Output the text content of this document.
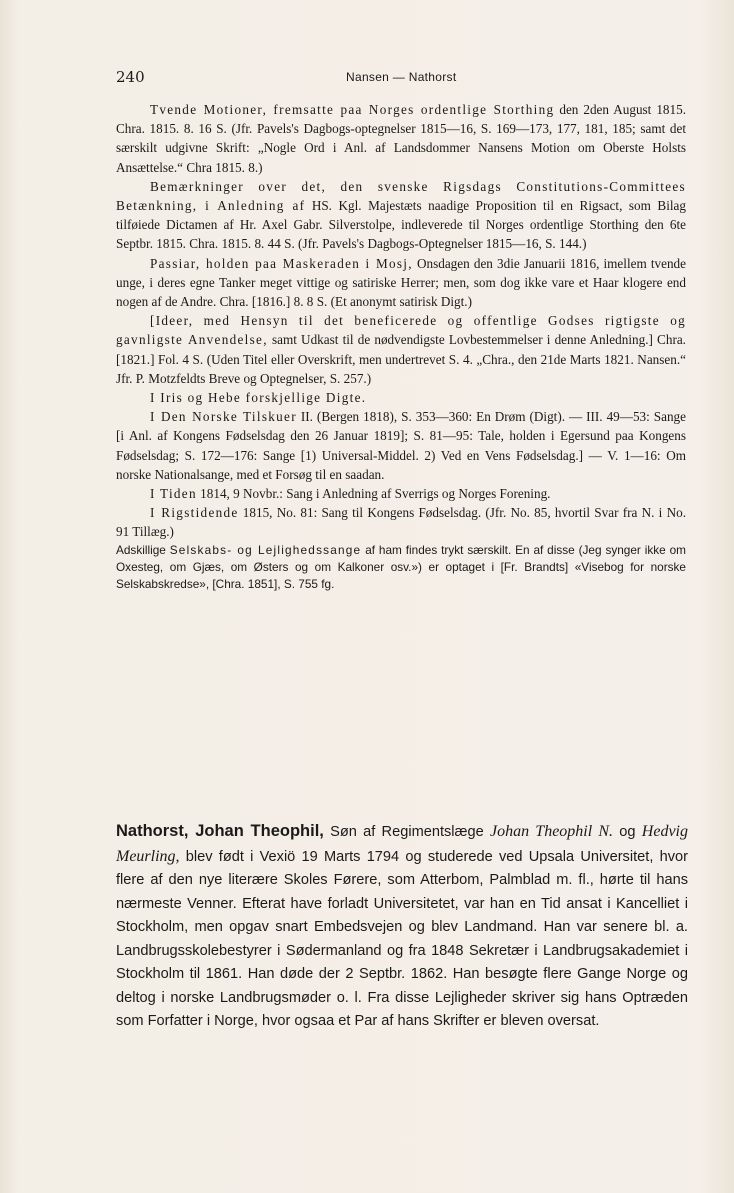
240	Nansen — Nathorst

Tvende Motioner, fremsatte paa Norges ordentlige Storthing den 2den August 1815. Chra. 1815. 8. 16 S. (Jfr. Pavels's Dagbogs-optegnelser 1815—16, S. 169—173, 177, 181, 185; samt det særskilt udgivne Skrift: „Nogle Ord i Anl. af Landsdommer Nansens Motion om Oberste Holsts Ansættelse.“ Chra 1815. 8.)

Bemærkninger over det, den svenske Rigsdags Constitutions-Committees Betænkning, i Anledning af HS. Kgl. Majestæts naadige Proposition til en Rigsact, som Bilag tilføiede Dictamen af Hr. Axel Gabr. Silverstolpe, indleverede til Norges ordentlige Storthing den 6te Septbr. 1815. Chra. 1815. 8. 44 S. (Jfr. Pavels's Dagbogs-Optegnelser 1815—16, S. 144.)

Passiar, holden paa Maskeraden i Mosj, Onsdagen den 3die Januarii 1816, imellem tvende unge, i deres egne Tanker meget vittige og satiriske Herrer; men, som dog ikke vare et Haar klogere end nogen af de Andre. Chra. [1816.] 8. 8 S. (Et anonymt satirisk Digt.)

[Ideer, med Hensyn til det beneficerede og offentlige Godses rigtigste og gavnligste Anvendelse, samt Udkast til de nødvendigste Lovbestemmelser i denne Anledning.] Chra. [1821.] Fol. 4 S. (Uden Titel eller Overskrift, men undertrevet S. 4. „Chra., den 21de Marts 1821. Nansen.“ Jfr. P. Motzfeldts Breve og Optegnelser, S. 257.)

I Iris og Hebe forskjellige Digte.

I Den Norske Tilskuer II. (Bergen 1818), S. 353—360: En Drøm (Digt). — III. 49—53: Sange [i Anl. af Kongens Fødselsdag den 26 Januar 1819]; S. 81—95: Tale, holden i Egersund paa Kongens Fødselsdag; S. 172—176: Sange [1) Universal-Middel. 2) Ved en Vens Fødselsdag.] — V. 1—16: Om norske Nationalsange, med et Forsøg til en saadan.

I Tiden 1814, 9 Novbr.: Sang i Anledning af Sverrigs og Norges Forening.

I Rigstidende 1815, No. 81: Sang til Kongens Fødselsdag. (Jfr. No. 85, hvortil Svar fra N. i No. 91 Tillæg.)

Adskillige Selskabs- og Lejlighedssange af ham findes trykt særskilt. En af disse (Jeg synger ikke om Oxesteg, om Gjæs, om Østers og om Kalkoner osv.») er optaget i [Fr. Brandts] «Visebog for norske Selskabskredse», [Chra. 1851], S. 755 fg.

Nathorst, Johan Theophil, Søn af Regimentslæge Johan Theophil N. og Hedvig Meurling, blev født i Vexiö 19 Marts 1794 og studerede ved Upsala Universitet, hvor flere af den nye literære Skoles Førere, som Atterbom, Palmblad m. fl., hørte til hans nærmeste Venner. Efterat have forladt Universitetet, var han en Tid ansat i Kancelliet i Stockholm, men opgav snart Embedsvejen og blev Landmand. Han var senere bl. a. Landbrugsskolebestyrer i Sødermanland og fra 1848 Sekretær i Landbrugsakademiet i Stockholm til 1861. Han døde der 2 Septbr. 1862. Han besøgte flere Gange Norge og deltog i norske Landbrugsmøder o. l. Fra disse Lejligheder skriver sig hans Optræden som Forfatter i Norge, hvor ogsaa et Par af hans Skrifter er bleven oversat.
